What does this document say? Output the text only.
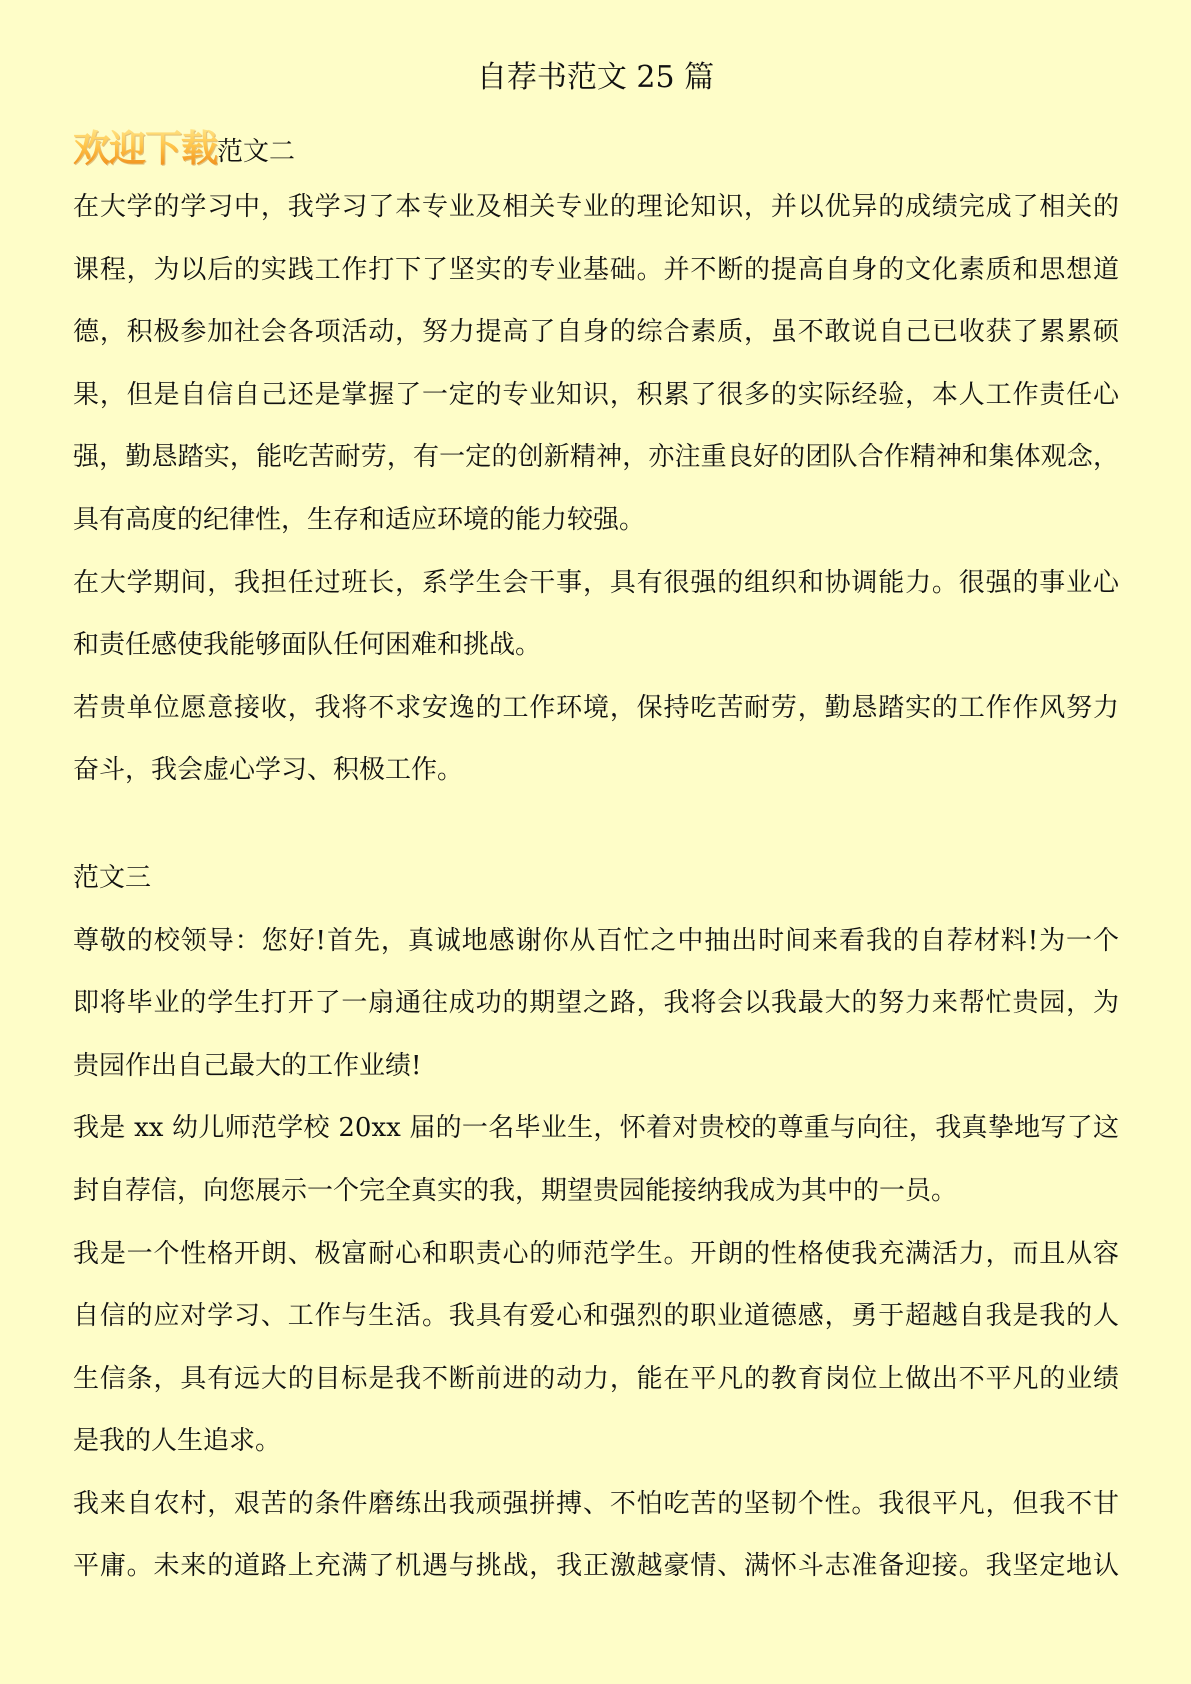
自荐书范文 25 篇
欢迎下载 范文二
在大学的学习中，我学习了本专业及相关专业的理论知识，并以优异的成绩完成了相关的
课程，为以后的实践工作打下了坚实的专业基础。并不断的提高自身的文化素质和思想道
德，积极参加社会各项活动，努力提高了自身的综合素质，虽不敢说自己已收获了累累硕
果，但是自信自己还是掌握了一定的专业知识，积累了很多的实际经验，本人工作责任心
强，勤恳踏实，能吃苦耐劳，有一定的创新精神，亦注重良好的团队合作精神和集体观念，
具有高度的纪律性，生存和适应环境的能力较强。
在大学期间，我担任过班长，系学生会干事，具有很强的组织和协调能力。很强的事业心
和责任感使我能够面队任何困难和挑战。
若贵单位愿意接收，我将不求安逸的工作环境，保持吃苦耐劳，勤恳踏实的工作作风努力
奋斗，我会虚心学习、积极工作。
范文三
尊敬的校领导：您好!首先，真诚地感谢你从百忙之中抽出时间来看我的自荐材料!为一个
即将毕业的学生打开了一扇通往成功的期望之路，我将会以我最大的努力来帮忙贵园，为
贵园作出自己最大的工作业绩!
我是 xx 幼儿师范学校 20xx 届的一名毕业生，怀着对贵校的尊重与向往，我真挚地写了这
封自荐信，向您展示一个完全真实的我，期望贵园能接纳我成为其中的一员。
我是一个性格开朗、极富耐心和职责心的师范学生。开朗的性格使我充满活力，而且从容
自信的应对学习、工作与生活。我具有爱心和强烈的职业道德感，勇于超越自我是我的人
生信条，具有远大的目标是我不断前进的动力，能在平凡的教育岗位上做出不平凡的业绩
是我的人生追求。
我来自农村，艰苦的条件磨练出我顽强拼搏、不怕吃苦的坚韧个性。我很平凡，但我不甘
平庸。未来的道路上充满了机遇与挑战，我正激越豪情、满怀斗志准备迎接。我坚定地认
